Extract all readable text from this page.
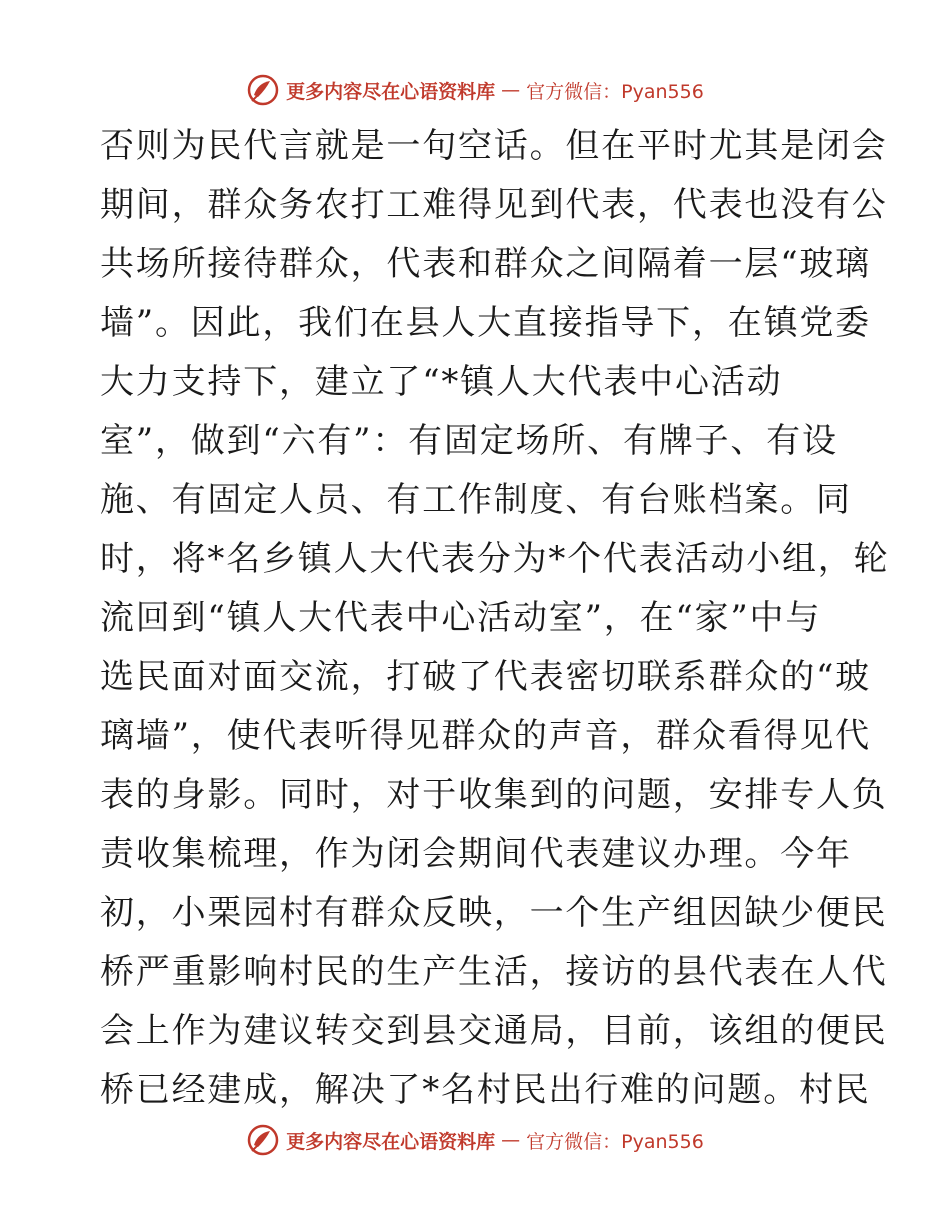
更多内容尽在心语资料库 — 官方微信：Pyan556
否则为民代言就是一句空话。但在平时尤其是闭会
期间，群众务农打工难得见到代表，代表也没有公
共场所接待群众，代表和群众之间隔着一层“玻璃
墙”。因此，我们在县人大直接指导下，在镇党委
大力支持下，建立了“*镇人大代表中心活动
室”，做到“六有”：有固定场所、有牌子、有设
施、有固定人员、有工作制度、有台账档案。同
时，将*名乡镇人大代表分为*个代表活动小组，轮
流回到“镇人大代表中心活动室”，在“家”中与
选民面对面交流，打破了代表密切联系群众的“玻
璃墙”，使代表听得见群众的声音，群众看得见代
表的身影。同时，对于收集到的问题，安排专人负
责收集梳理，作为闭会期间代表建议办理。今年
初，小栗园村有群众反映，一个生产组因缺少便民
桥严重影响村民的生产生活，接访的县代表在人代
会上作为建议转交到县交通局，目前，该组的便民
桥已经建成，解决了*名村民出行难的问题。村民
更多内容尽在心语资料库 — 官方微信：Pyan556
